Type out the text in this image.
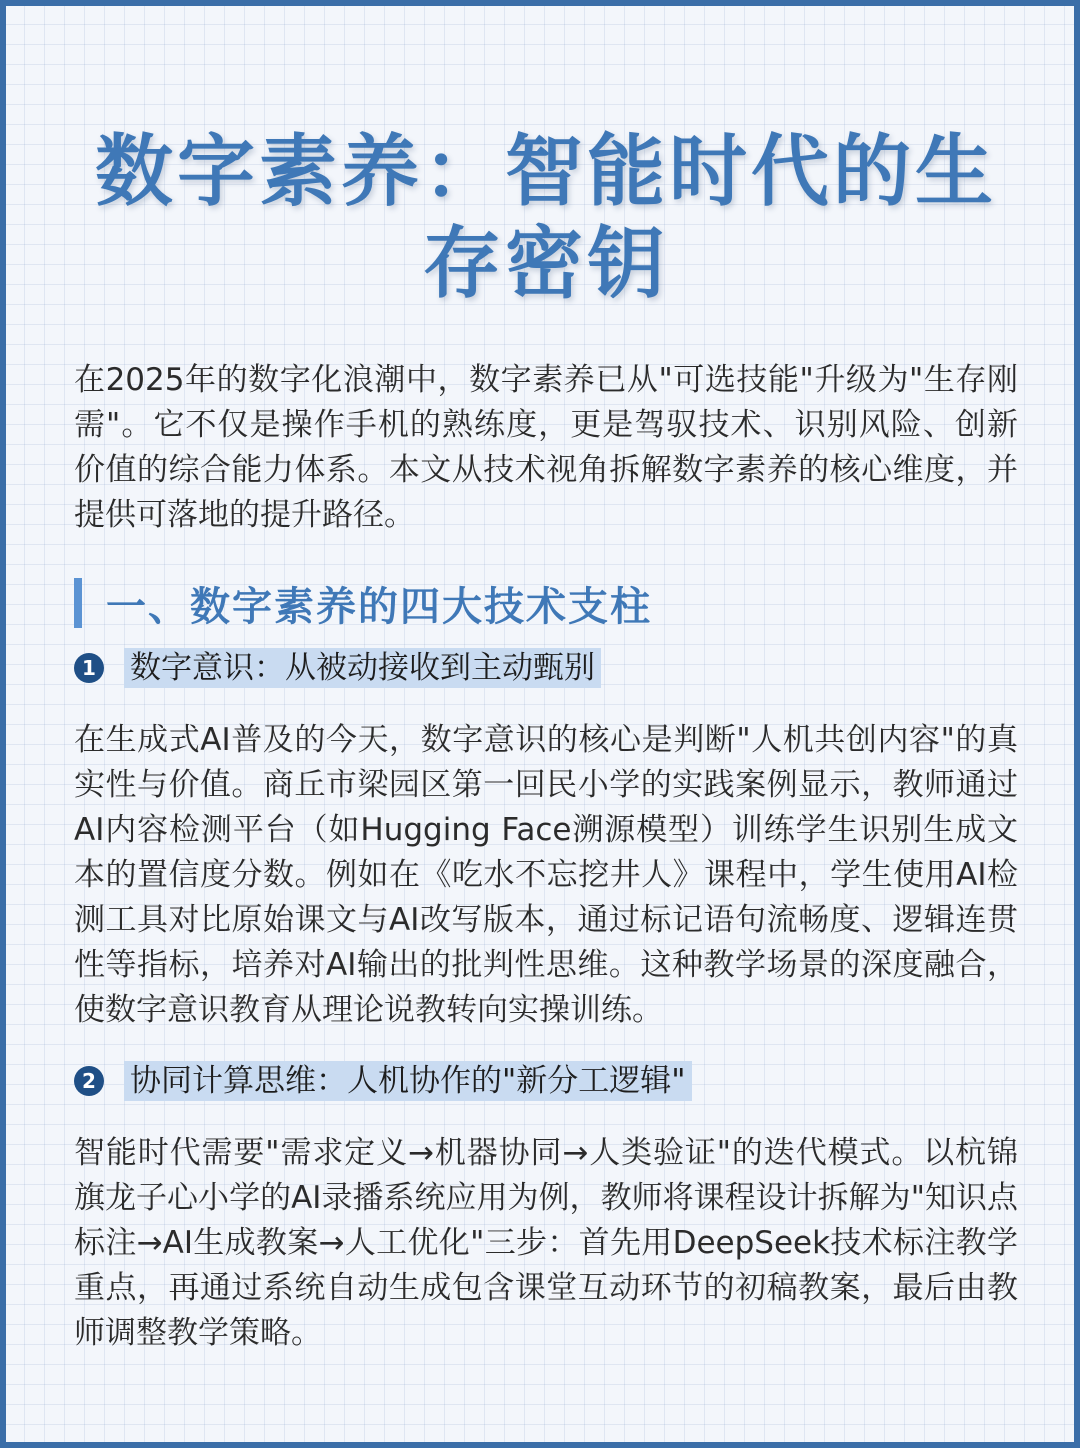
数字素养：智能时代的生存密钥

在2025年的数字化浪潮中，数字素养已从"可选技能"升级为"生存刚需"。它不仅是操作手机的熟练度，更是驾驭技术、识别风险、创新价值的综合能力体系。本文从技术视角拆解数字素养的核心维度，并提供可落地的提升路径。

一、数字素养的四大技术支柱
1 数字意识：从被动接收到主动甄别

在生成式AI普及的今天，数字意识的核心是判断"人机共创内容"的真实性与价值。商丘市梁园区第一回民小学的实践案例显示，教师通过AI内容检测平台（如Hugging Face溯源模型）训练学生识别生成文本的置信度分数。例如在《吃水不忘挖井人》课程中，学生使用AI检测工具对比原始课文与AI改写版本，通过标记语句流畅度、逻辑连贯性等指标，培养对AI输出的批判性思维。这种教学场景的深度融合，使数字意识教育从理论说教转向实操训练。

2 协同计算思维：人机协作的"新分工逻辑"

智能时代需要"需求定义→机器协同→人类验证"的迭代模式。以杭锦旗龙子心小学的AI录播系统应用为例，教师将课程设计拆解为"知识点标注→AI生成教案→人工优化"三步：首先用DeepSeek技术标注教学重点，再通过系统自动生成包含课堂互动环节的初稿教案，最后由教师调整教学策略。
